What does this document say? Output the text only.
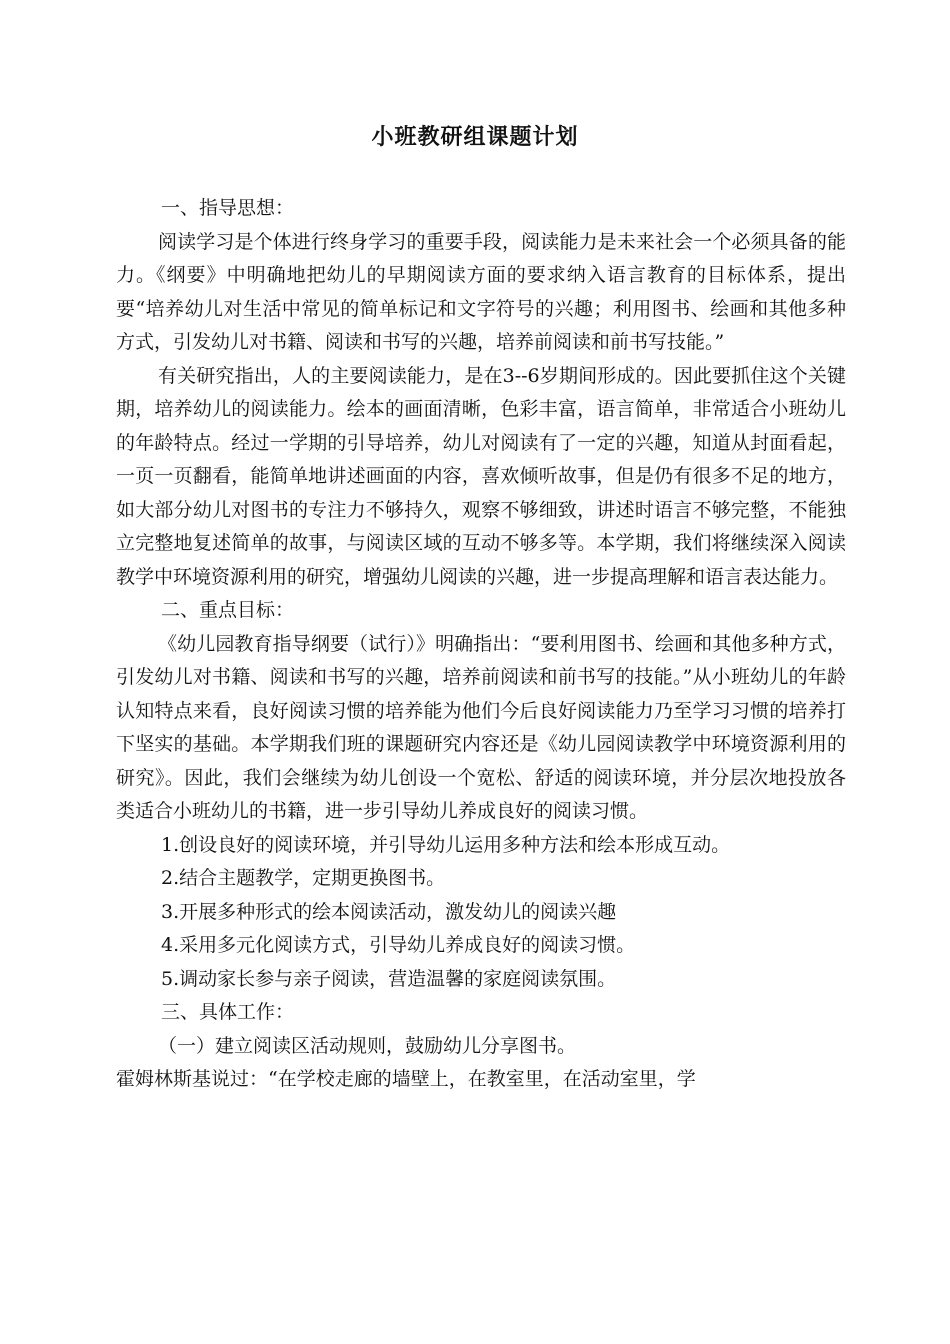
小班教研组课题计划

一、指导思想：

阅读学习是个体进行终身学习的重要手段，阅读能力是未来社会一个必须具备的能力。《纲要》中明确地把幼儿的早期阅读方面的要求纳入语言教育的目标体系，提出要“培养幼儿对生活中常见的简单标记和文字符号的兴趣；利用图书、绘画和其他多种方式，引发幼儿对书籍、阅读和书写的兴趣，培养前阅读和前书写技能。”

有关研究指出，人的主要阅读能力，是在3--6岁期间形成的。因此要抓住这个关键期，培养幼儿的阅读能力。绘本的画面清晰，色彩丰富，语言简单，非常适合小班幼儿的年龄特点。经过一学期的引导培养，幼儿对阅读有了一定的兴趣，知道从封面看起，一页一页翻看，能简单地讲述画面的内容，喜欢倾听故事，但是仍有很多不足的地方，如大部分幼儿对图书的专注力不够持久，观察不够细致，讲述时语言不够完整，不能独立完整地复述简单的故事，与阅读区域的互动不够多等。本学期，我们将继续深入阅读教学中环境资源利用的研究，增强幼儿阅读的兴趣，进一步提高理解和语言表达能力。

二、重点目标：

《幼儿园教育指导纲要（试行）》明确指出：“要利用图书、绘画和其他多种方式，引发幼儿对书籍、阅读和书写的兴趣，培养前阅读和前书写的技能。”从小班幼儿的年龄认知特点来看，良好阅读习惯的培养能为他们今后良好阅读能力乃至学习习惯的培养打下坚实的基础。本学期我们班的课题研究内容还是《幼儿园阅读教学中环境资源利用的研究》。因此，我们会继续为幼儿创设一个宽松、舒适的阅读环境，并分层次地投放各类适合小班幼儿的书籍，进一步引导幼儿养成良好的阅读习惯。

1.创设良好的阅读环境，并引导幼儿运用多种方法和绘本形成互动。

2.结合主题教学，定期更换图书。

3.开展多种形式的绘本阅读活动，激发幼儿的阅读兴趣

4.采用多元化阅读方式，引导幼儿养成良好的阅读习惯。

5.调动家长参与亲子阅读，营造温馨的家庭阅读氛围。

三、具体工作：

（一）建立阅读区活动规则，鼓励幼儿分享图书。

霍姆林斯基说过：“在学校走廊的墙壁上，在教室里，在活动室里，学
